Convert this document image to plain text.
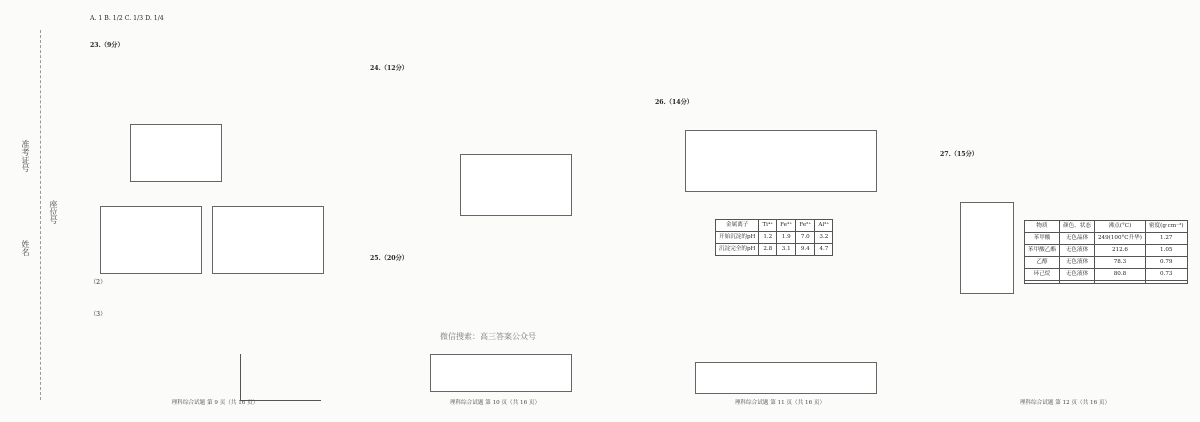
准考证号
姓名
座位号
A. 1 B. 1/2 C. 1/3 D. 1/4
23.（9分）
（2）
（3）
理科综合试题 第 9 页（共 16 页）
24.（12分）
25.（20分）
微信搜索：高三答案公众号
理科综合试题 第 10 页（共 16 页）
26.（14分）
金属离子	Ti⁴⁺	Fe³⁺	Fe²⁺	Al³⁺
开始沉淀的pH	1.2	1.9	7.0	3.2
沉淀完全的pH	2.8	3.1	9.4	4.7
理科综合试题 第 11 页（共 16 页）
27.（15分）
物质	颜色、状态	沸点(°C)	密度(g·cm⁻³)
苯甲酸	无色晶体	249(100°C升华)	1.27
苯甲酸乙酯	无色液体	212.6	1.05
乙醇	无色液体	78.3	0.79
环己烷	无色液体	80.8	0.73

理科综合试题 第 12 页（共 16 页）
